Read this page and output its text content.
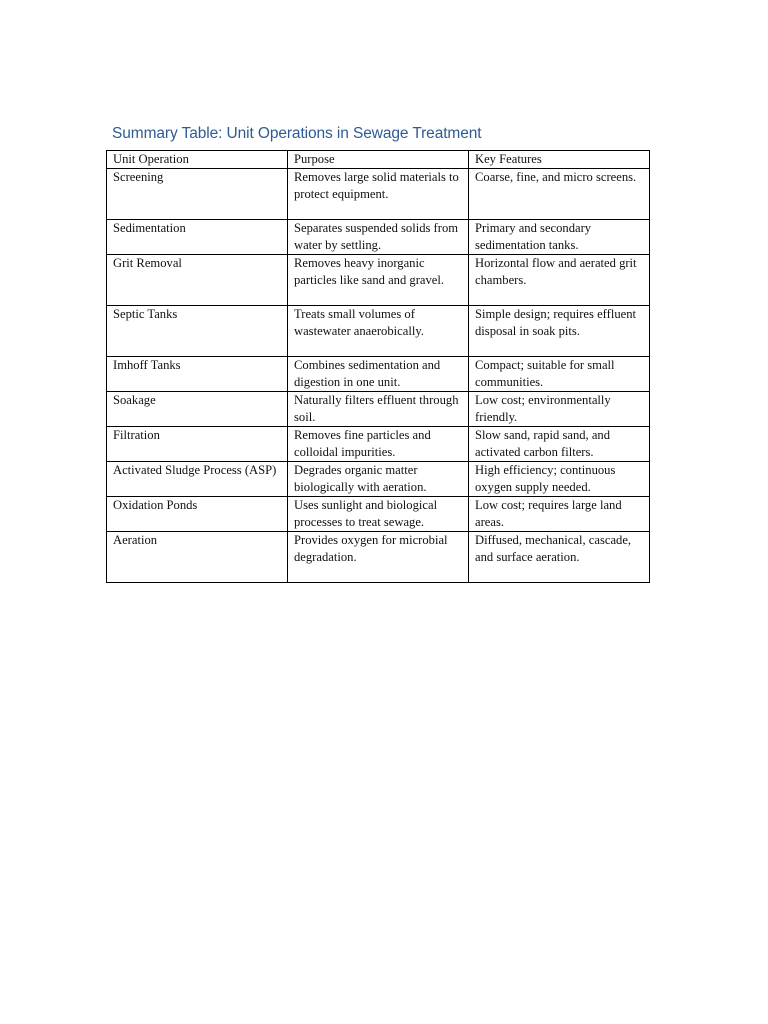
Summary Table: Unit Operations in Sewage Treatment
Unit Operation	Purpose	Key Features
Screening	Removes large solid materials to protect equipment.	Coarse, fine, and micro screens.
Sedimentation	Separates suspended solids from water by settling.	Primary and secondary sedimentation tanks.
Grit Removal	Removes heavy inorganic particles like sand and gravel.	Horizontal flow and aerated grit chambers.
Septic Tanks	Treats small volumes of wastewater anaerobically.	Simple design; requires effluent disposal in soak pits.
Imhoff Tanks	Combines sedimentation and digestion in one unit.	Compact; suitable for small communities.
Soakage	Naturally filters effluent through soil.	Low cost; environmentally friendly.
Filtration	Removes fine particles and colloidal impurities.	Slow sand, rapid sand, and activated carbon filters.
Activated Sludge Process (ASP)	Degrades organic matter biologically with aeration.	High efficiency; continuous oxygen supply needed.
Oxidation Ponds	Uses sunlight and biological processes to treat sewage.	Low cost; requires large land areas.
Aeration	Provides oxygen for microbial degradation.	Diffused, mechanical, cascade, and surface aeration.
